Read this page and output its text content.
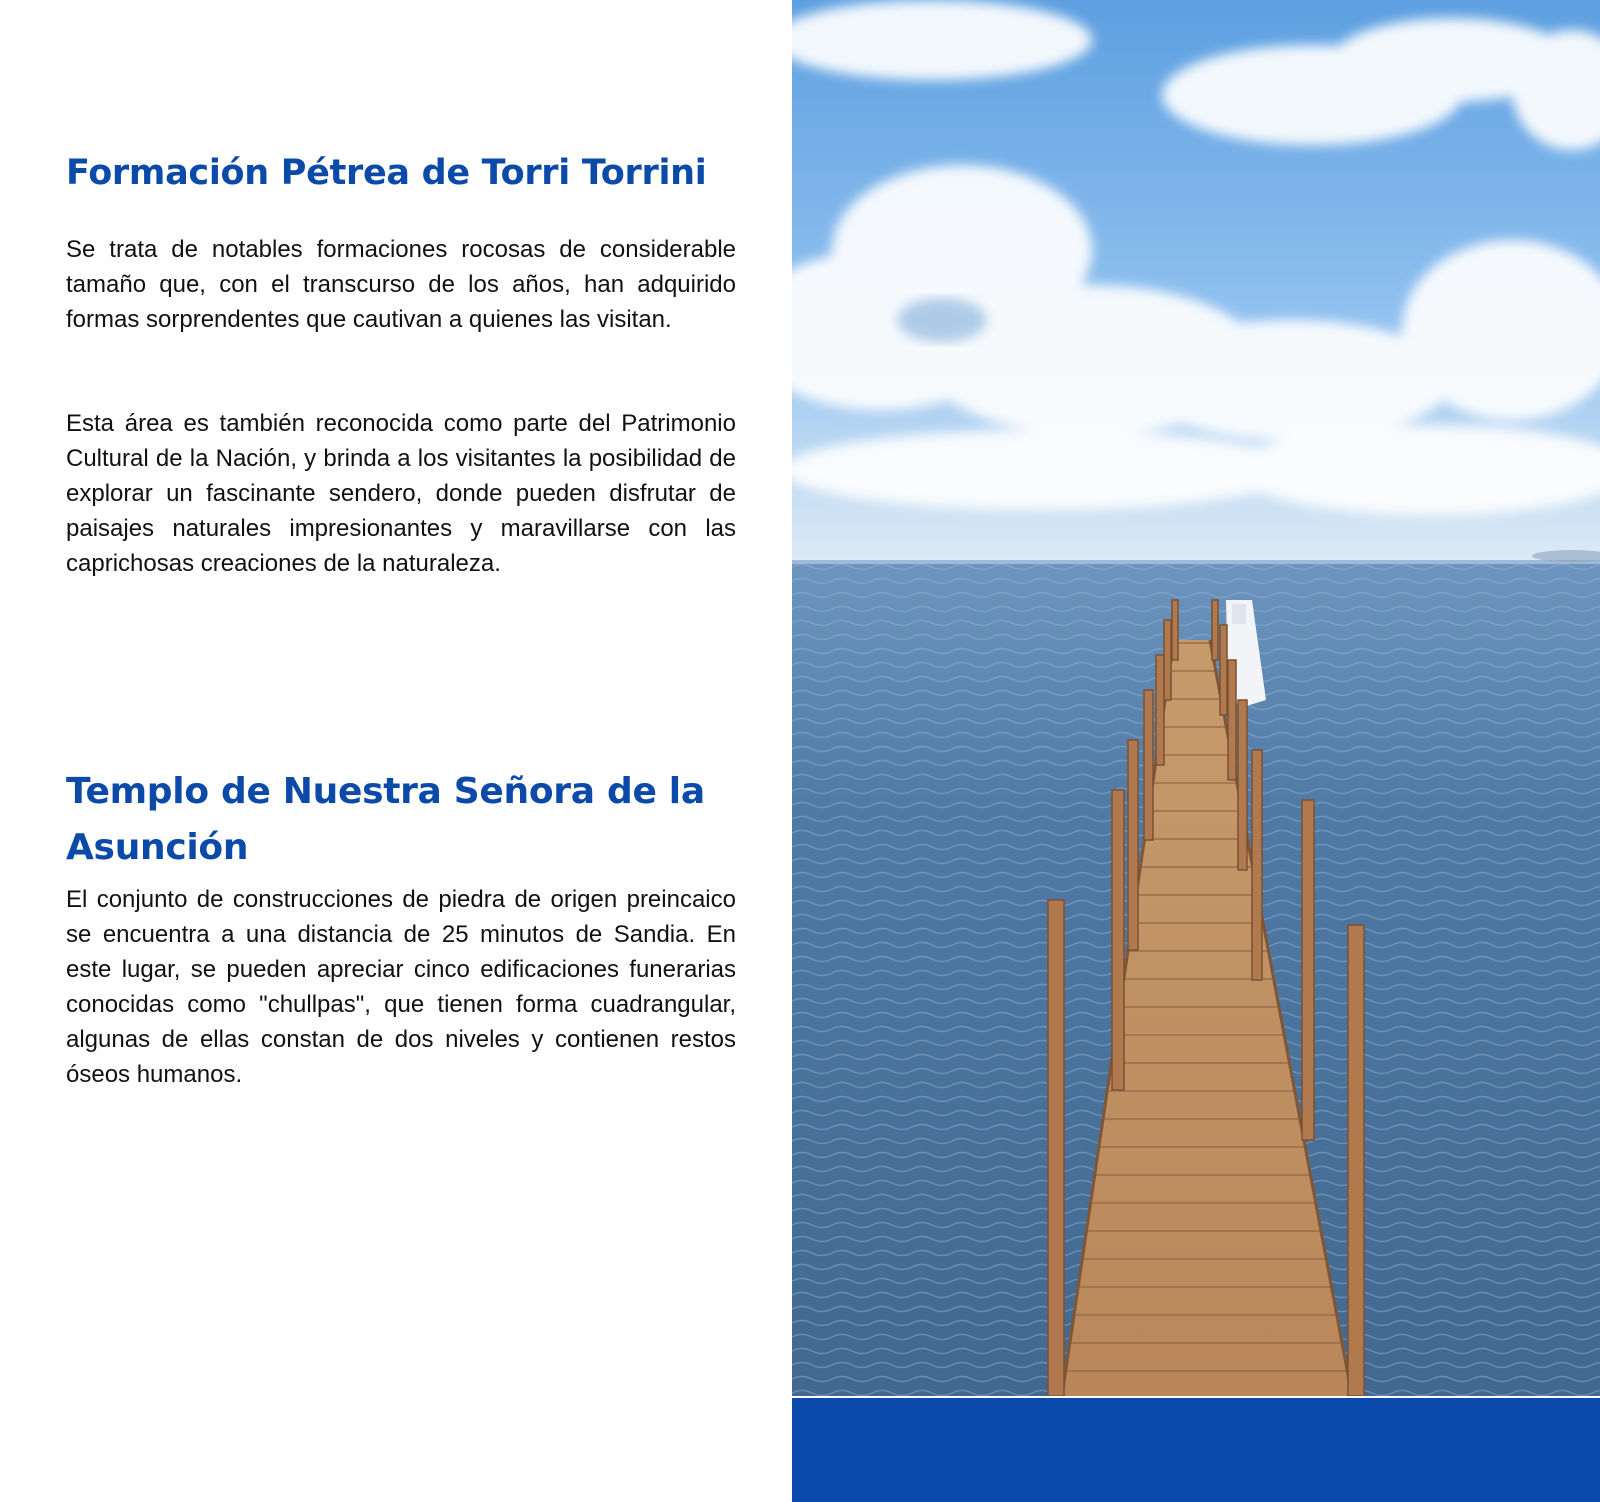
Formación Pétrea de Torri Torrini

Se trata de notables formaciones rocosas de considerable tamaño que, con el transcurso de los años, han adquirido formas sorprendentes que cautivan a quienes las visitan.

Esta área es también reconocida como parte del Patrimonio Cultural de la Nación, y brinda a los visitantes la posibilidad de explorar un fascinante sendero, donde pueden disfrutar de paisajes naturales impresionantes y maravillarse con las caprichosas creaciones de la naturaleza.

Templo de Nuestra Señora de la Asunción

El conjunto de construcciones de piedra de origen preincaico se encuentra a una distancia de 25 minutos de Sandia. En este lugar, se pueden apreciar cinco edificaciones funerarias conocidas como "chullpas", que tienen forma cuadrangular, algunas de ellas constan de dos niveles y contienen restos óseos humanos.
